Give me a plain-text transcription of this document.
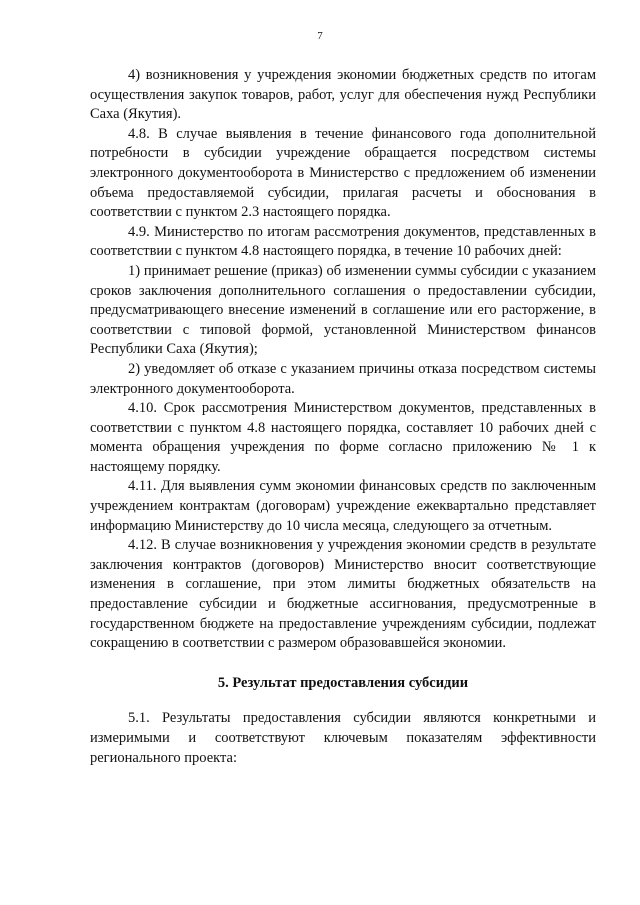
7

4) возникновения у учреждения экономии бюджетных средств по итогам осуществления закупок товаров, работ, услуг для обеспечения нужд Республики Саха (Якутия).

4.8. В случае выявления в течение финансового года дополнительной потребности в субсидии учреждение обращается посредством системы электронного документооборота в Министерство с предложением об изменении объема предоставляемой субсидии, прилагая расчеты и обоснования в соответствии с пунктом 2.3 настоящего порядка.

4.9. Министерство по итогам рассмотрения документов, представленных в соответствии с пунктом 4.8 настоящего порядка, в течение 10 рабочих дней:

1) принимает решение (приказ) об изменении суммы субсидии с указанием сроков заключения дополнительного соглашения о предоставлении субсидии, предусматривающего внесение изменений в соглашение или его расторжение, в соответствии с типовой формой, установленной Министерством финансов Республики Саха (Якутия);

2) уведомляет об отказе с указанием причины отказа посредством системы электронного документооборота.

4.10. Срок рассмотрения Министерством документов, представленных в соответствии с пунктом 4.8 настоящего порядка, составляет 10 рабочих дней с момента обращения учреждения по форме согласно приложению № 1 к настоящему порядку.

4.11. Для выявления сумм экономии финансовых средств по заключенным учреждением контрактам (договорам) учреждение ежеквартально представляет информацию Министерству до 10 числа месяца, следующего за отчетным.

4.12. В случае возникновения у учреждения экономии средств в результате заключения контрактов (договоров) Министерство вносит соответствующие изменения в соглашение, при этом лимиты бюджетных обязательств на предоставление субсидии и бюджетные ассигнования, предусмотренные в государственном бюджете на предоставление учреждениям субсидии, подлежат сокращению в соответствии с размером образовавшейся экономии.

5. Результат предоставления субсидии

5.1. Результаты предоставления субсидии являются конкретными и измеримыми и соответствуют ключевым показателям эффективности регионального проекта:
